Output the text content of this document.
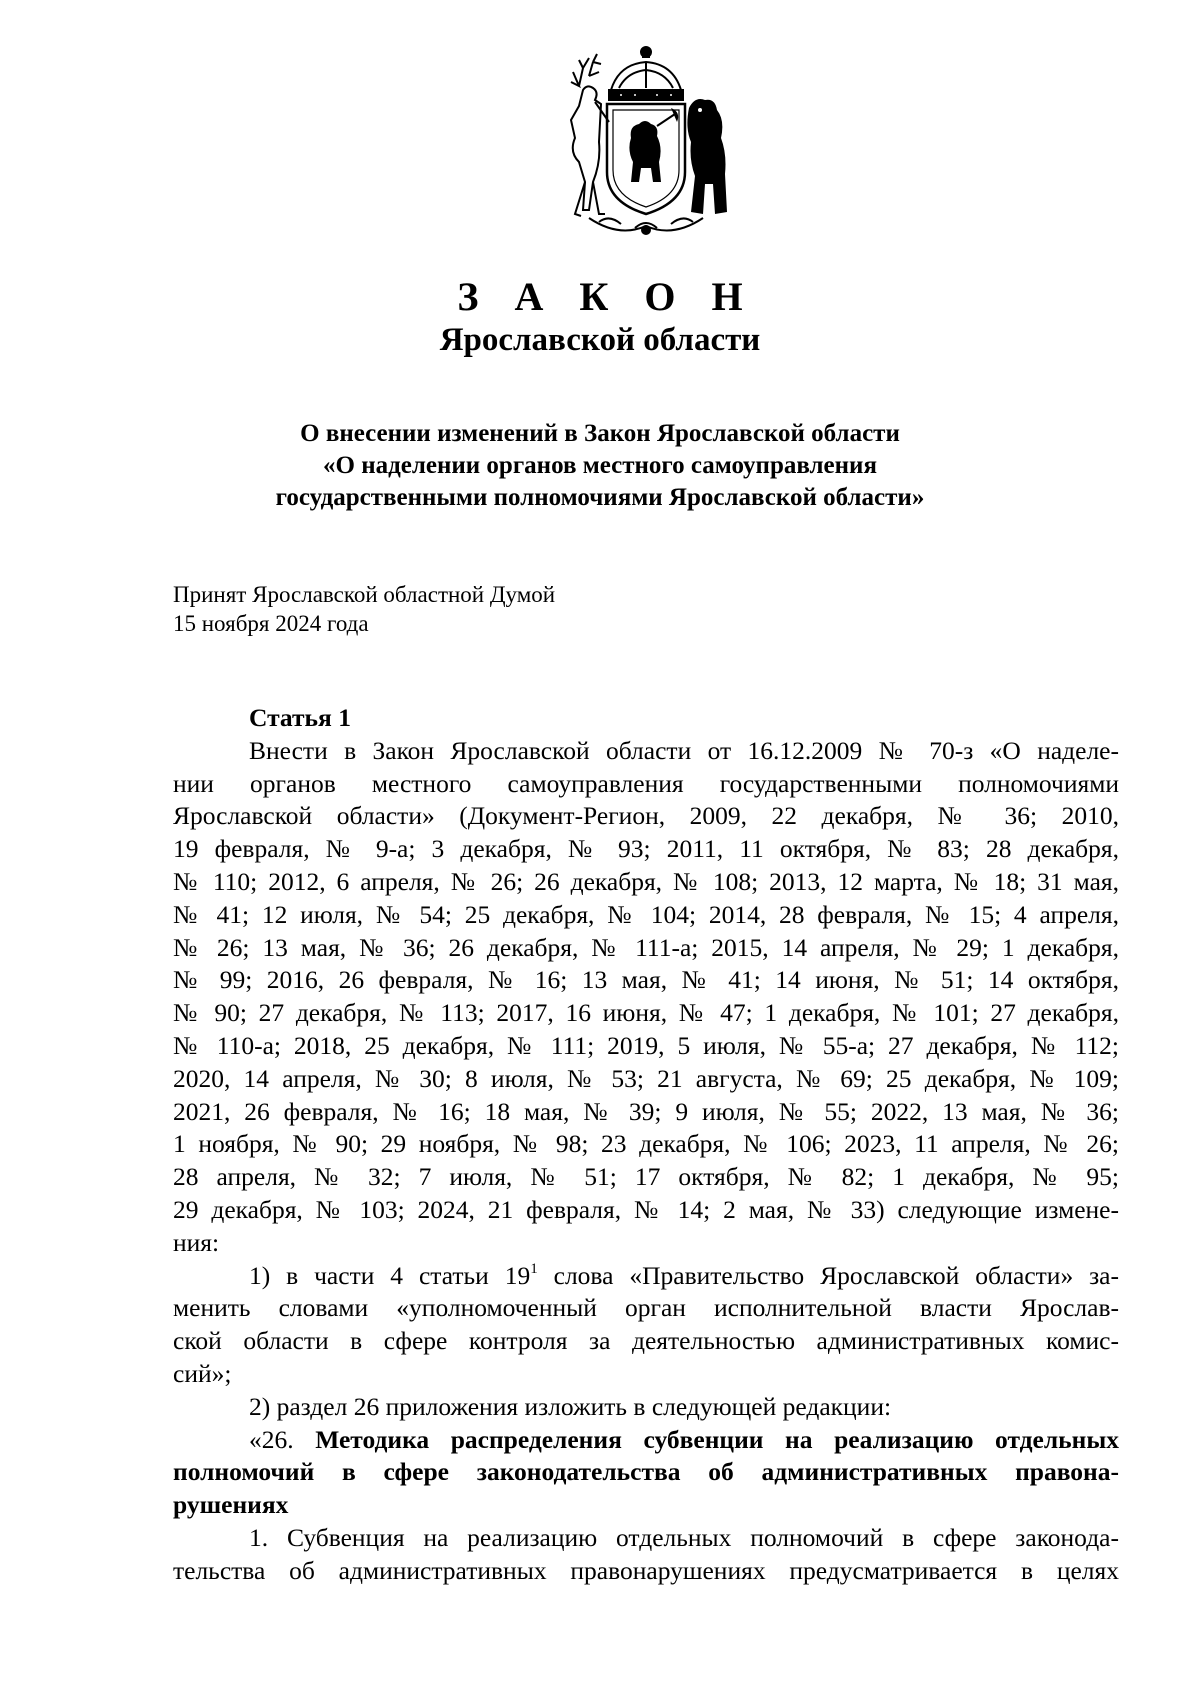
З А К О Н
Ярославской области
О внесении изменений в Закон Ярославской области
«О наделении органов местного самоуправления
государственными полномочиями Ярославской области»
Принят Ярославской областной Думой
15 ноября 2024 года
Статья 1
Внести в Закон Ярославской области от 16.12.2009 № 70-з «О наделе-
нии органов местного самоуправления государственными полномочиями
Ярославской области» (Документ-Регион, 2009, 22 декабря, № 36; 2010,
19 февраля, № 9-а; 3 декабря, № 93; 2011, 11 октября, № 83; 28 декабря,
№ 110; 2012, 6 апреля, № 26; 26 декабря, № 108; 2013, 12 марта, № 18; 31 мая,
№ 41; 12 июля, № 54; 25 декабря, № 104; 2014, 28 февраля, № 15; 4 апреля,
№ 26; 13 мая, № 36; 26 декабря, № 111-а; 2015, 14 апреля, № 29; 1 декабря,
№ 99; 2016, 26 февраля, № 16; 13 мая, № 41; 14 июня, № 51; 14 октября,
№ 90; 27 декабря, № 113; 2017, 16 июня, № 47; 1 декабря, № 101; 27 декабря,
№ 110-а; 2018, 25 декабря, № 111; 2019, 5 июля, № 55-а; 27 декабря, № 112;
2020, 14 апреля, № 30; 8 июля, № 53; 21 августа, № 69; 25 декабря, № 109;
2021, 26 февраля, № 16; 18 мая, № 39; 9 июля, № 55; 2022, 13 мая, № 36;
1 ноября, № 90; 29 ноября, № 98; 23 декабря, № 106; 2023, 11 апреля, № 26;
28 апреля, № 32; 7 июля, № 51; 17 октября, № 82; 1 декабря, № 95;
29 декабря, № 103; 2024, 21 февраля, № 14; 2 мая, № 33) следующие измене-
ния:
1) в части 4 статьи $19^1$ слова «Правительство Ярославской области» за-
менить словами «уполномоченный орган исполнительной власти Ярослав-
ской области в сфере контроля за деятельностью административных комис-
сий»;
2) раздел 26 приложения изложить в следующей редакции:
«26. Методика распределения субвенции на реализацию отдельных
полномочий в сфере законодательства об административных правона-
рушениях
1. Субвенция на реализацию отдельных полномочий в сфере законода-
тельства об административных правонарушениях предусматривается в целях
